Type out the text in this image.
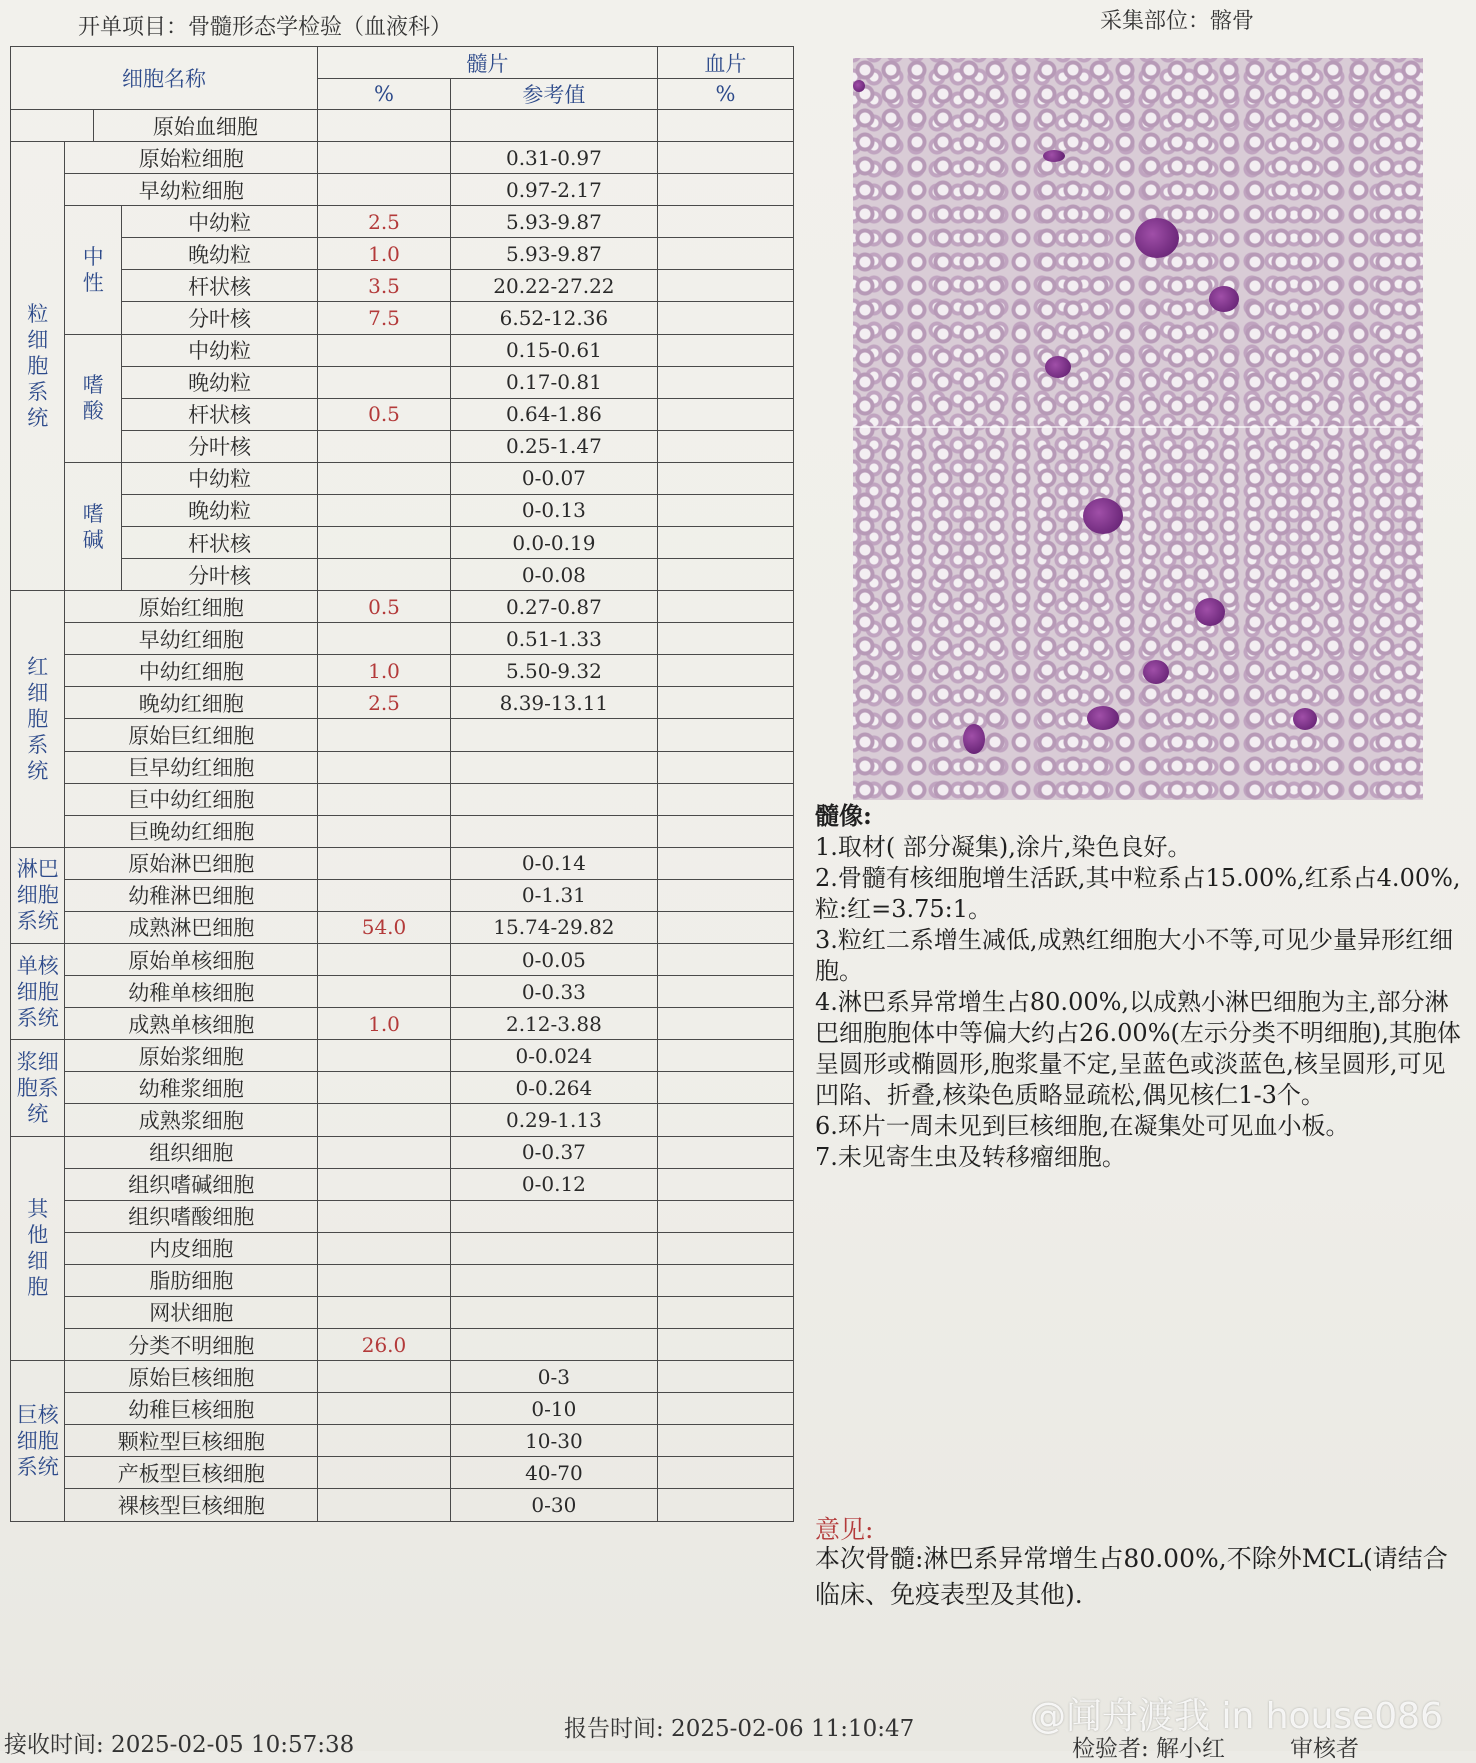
开单项目：骨髓形态学检验（血液科）	采集部位：髂骨
细胞名称				髓片		血片
				%	参考值	%
		原始血细胞				
粒细胞系统	原始粒细胞				0.31-0.97	
	早幼粒细胞				0.97-2.17	
	中性		中幼粒	2.5	5.93-9.87	
			晚幼粒	1.0	5.93-9.87	
			杆状核	3.5	20.22-27.22	
			分叶核	7.5	6.52-12.36	
	嗜酸		中幼粒		0.15-0.61	
			晚幼粒		0.17-0.81	
			杆状核	0.5	0.64-1.86	
			分叶核		0.25-1.47	
	嗜碱		中幼粒		0-0.07	
			晚幼粒		0-0.13	
			杆状核		0.0-0.19	
			分叶核		0-0.08	
红细胞系统	原始红细胞			0.5	0.27-0.87	
	早幼红细胞				0.51-1.33	
	中幼红细胞			1.0	5.50-9.32	
	晚幼红细胞			2.5	8.39-13.11	
	原始巨红细胞					
	巨早幼红细胞					
	巨中幼红细胞					
	巨晚幼红细胞					
淋巴细胞系统	原始淋巴细胞				0-0.14	
	幼稚淋巴细胞				0-1.31	
	成熟淋巴细胞			54.0	15.74-29.82	
单核细胞系统	原始单核细胞				0-0.05	
	幼稚单核细胞				0-0.33	
	成熟单核细胞			1.0	2.12-3.88	
浆细胞系统	原始浆细胞				0-0.024	
	幼稚浆细胞				0-0.264	
	成熟浆细胞				0.29-1.13	
其他细胞	组织细胞				0-0.37	
	组织嗜碱细胞				0-0.12	
	组织嗜酸细胞					
	内皮细胞					
	脂肪细胞					
	网状细胞					
	分类不明细胞			26.0		
巨核细胞系统	原始巨核细胞				0-3	
	幼稚巨核细胞				0-10	
	颗粒型巨核细胞				10-30	
	产板型巨核细胞				40-70	
	裸核型巨核细胞				0-30	
髓像:
1.取材( 部分凝集),涂片,染色良好。
2.骨髓有核细胞增生活跃,其中粒系占15.00%,红系占4.00%,粒:红=3.75:1。
3.粒红二系增生减低,成熟红细胞大小不等,可见少量异形红细胞。
4.淋巴系异常增生占80.00%,以成熟小淋巴细胞为主,部分淋巴细胞胞体中等偏大约占26.00%(左示分类不明细胞),其胞体呈圆形或椭圆形,胞浆量不定,呈蓝色或淡蓝色,核呈圆形,可见凹陷、折叠,核染色质略显疏松,偶见核仁1-3个。
6.环片一周未见到巨核细胞,在凝集处可见血小板。
7.未见寄生虫及转移瘤细胞。
意见:
本次骨髓:淋巴系异常增生占80.00%,不除外MCL(请结合临床、免疫表型及其他).
报告时间: 2025-02-06 11:10:47
接收时间: 2025-02-05 10:57:38	检验者: 解小红	审核者
@闻舟渡我 in house086
